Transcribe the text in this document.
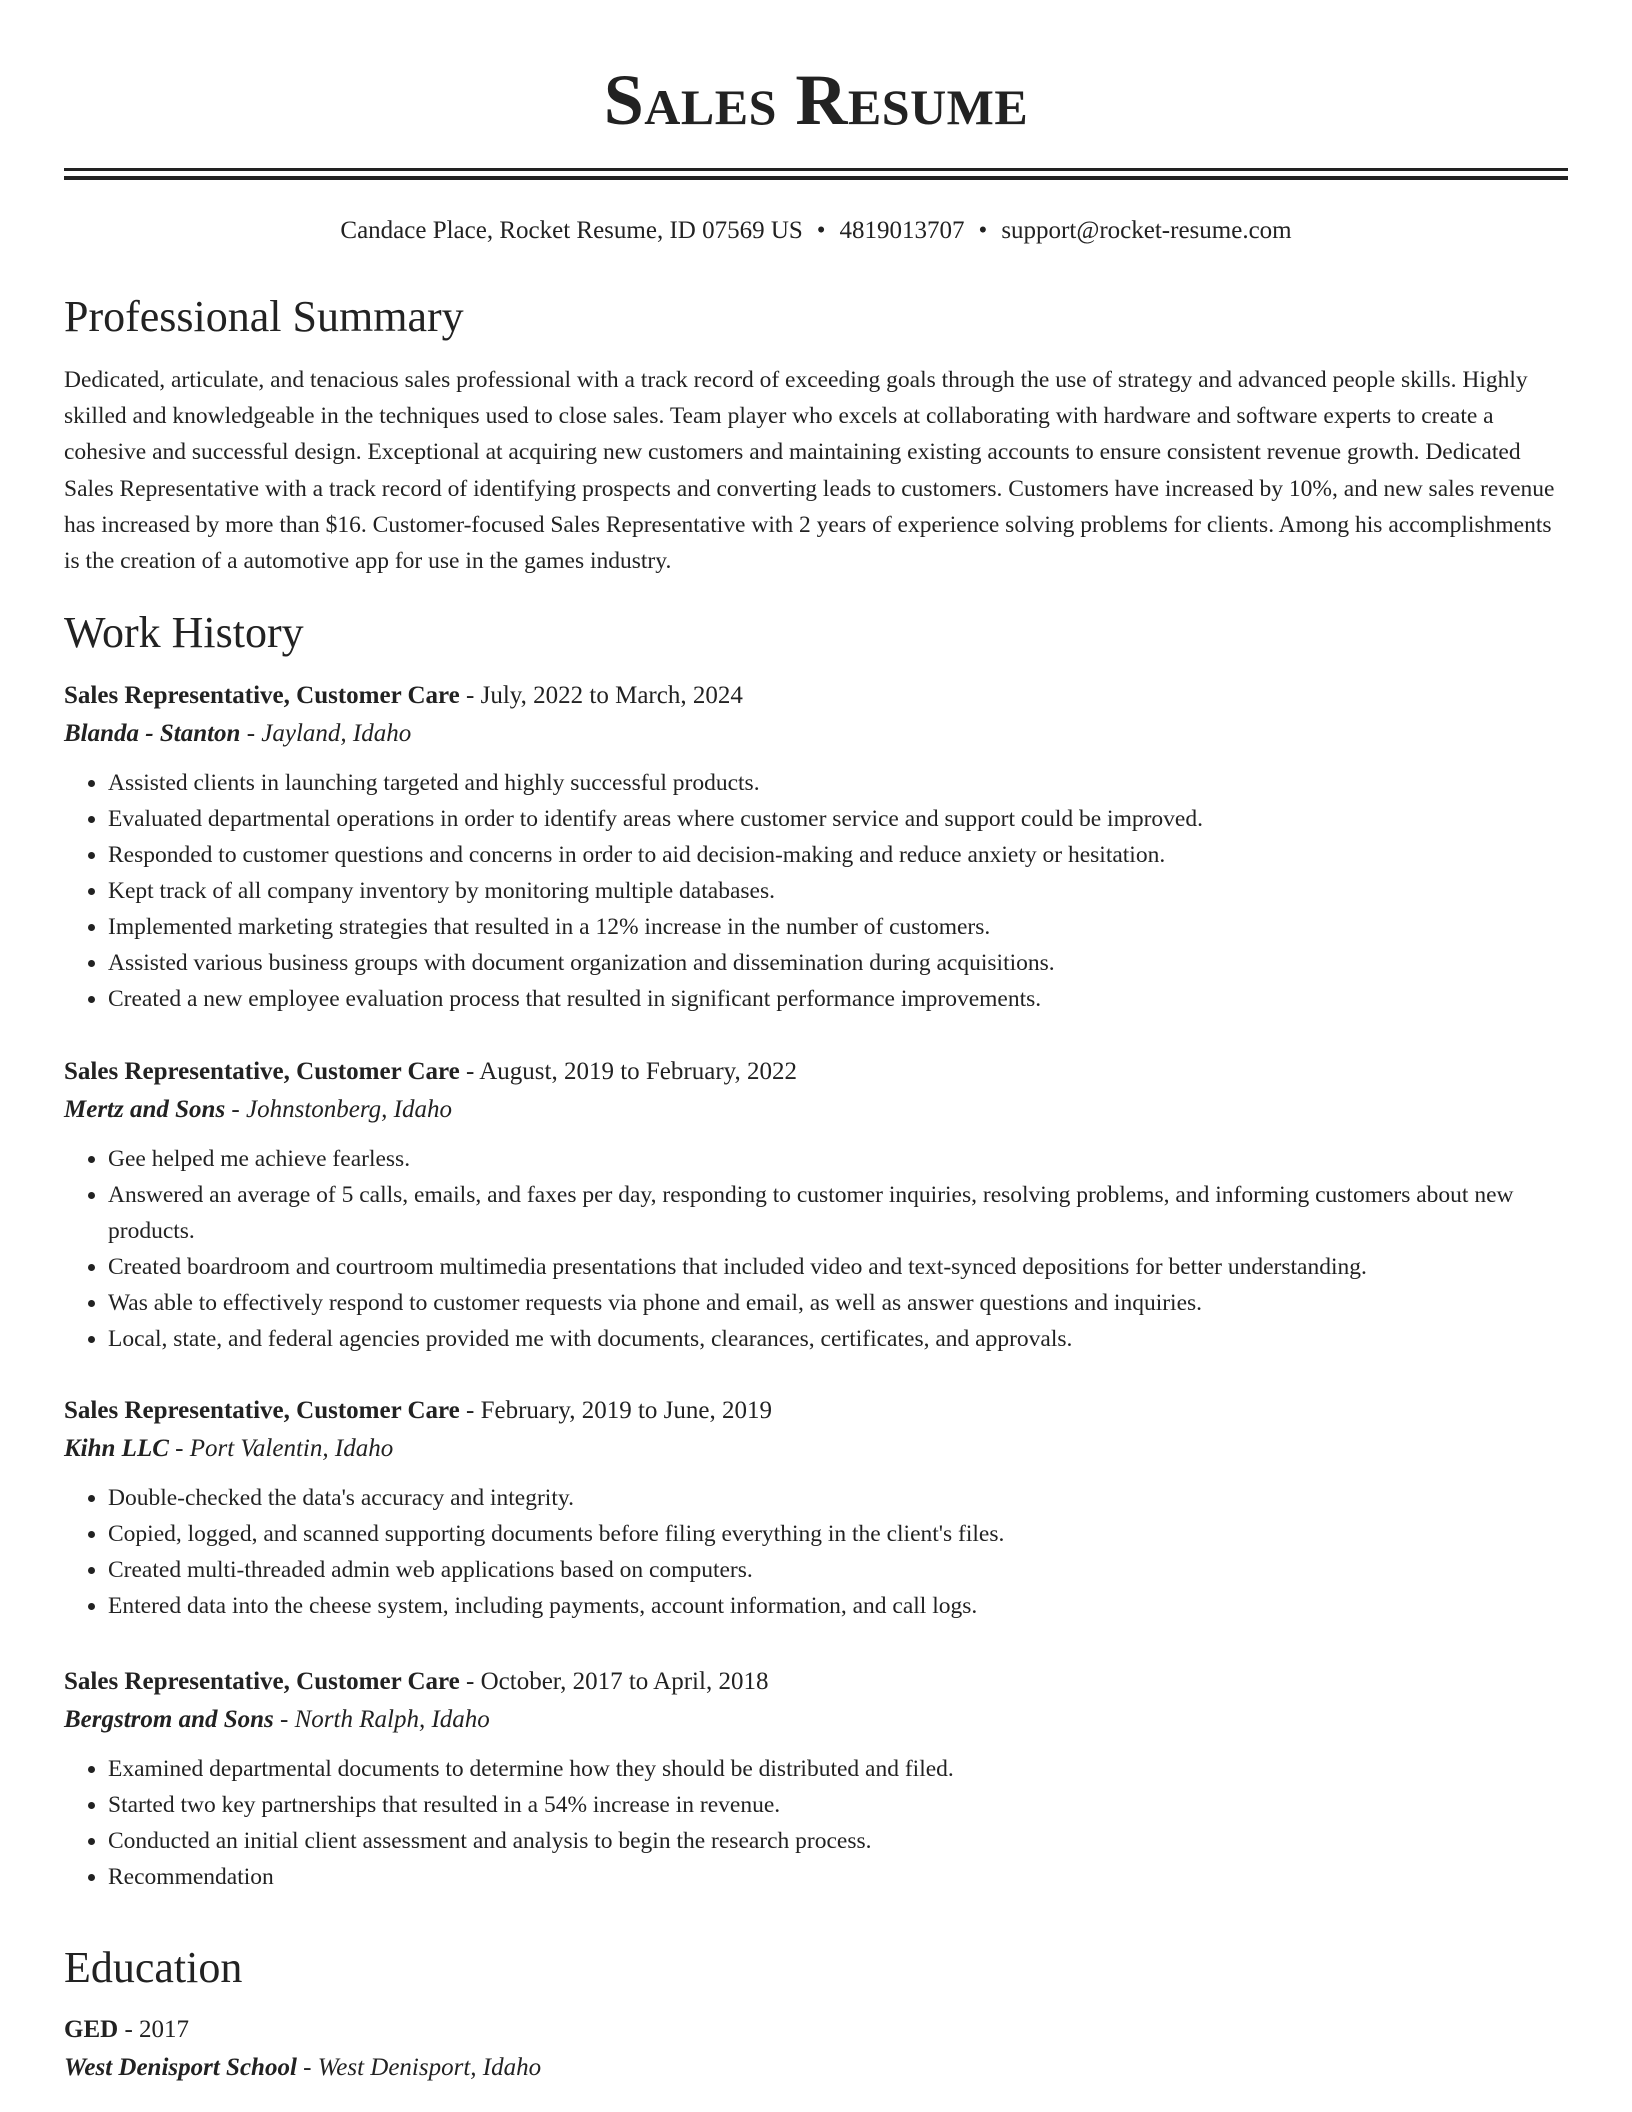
Sales Resume
Candace Place, Rocket Resume, ID 07569 US • 4819013707 • support@rocket-resume.com
Professional Summary

Dedicated, articulate, and tenacious sales professional with a track record of exceeding goals through the use of strategy and advanced people skills. Highly skilled and knowledgeable in the techniques used to close sales. Team player who excels at collaborating with hardware and software experts to create a cohesive and successful design. Exceptional at acquiring new customers and maintaining existing accounts to ensure consistent revenue growth. Dedicated Sales Representative with a track record of identifying prospects and converting leads to customers. Customers have increased by 10%, and new sales revenue has increased by more than $16. Customer-focused Sales Representative with 2 years of experience solving problems for clients. Among his accomplishments is the creation of a automotive app for use in the games industry.

Work History
Sales Representative, Customer Care - July, 2022 to March, 2024
Blanda - Stanton - Jayland, Idaho
• Assisted clients in launching targeted and highly successful products.
• Evaluated departmental operations in order to identify areas where customer service and support could be improved.
• Responded to customer questions and concerns in order to aid decision-making and reduce anxiety or hesitation.
• Kept track of all company inventory by monitoring multiple databases.
• Implemented marketing strategies that resulted in a 12% increase in the number of customers.
• Assisted various business groups with document organization and dissemination during acquisitions.
• Created a new employee evaluation process that resulted in significant performance improvements.
Sales Representative, Customer Care - August, 2019 to February, 2022
Mertz and Sons - Johnstonberg, Idaho
• Gee helped me achieve fearless.
• Answered an average of 5 calls, emails, and faxes per day, responding to customer inquiries, resolving problems, and informing customers about new products.
• Created boardroom and courtroom multimedia presentations that included video and text-synced depositions for better understanding.
• Was able to effectively respond to customer requests via phone and email, as well as answer questions and inquiries.
• Local, state, and federal agencies provided me with documents, clearances, certificates, and approvals.
Sales Representative, Customer Care - February, 2019 to June, 2019
Kihn LLC - Port Valentin, Idaho
• Double-checked the data's accuracy and integrity.
• Copied, logged, and scanned supporting documents before filing everything in the client's files.
• Created multi-threaded admin web applications based on computers.
• Entered data into the cheese system, including payments, account information, and call logs.
Sales Representative, Customer Care - October, 2017 to April, 2018
Bergstrom and Sons - North Ralph, Idaho
• Examined departmental documents to determine how they should be distributed and filed.
• Started two key partnerships that resulted in a 54% increase in revenue.
• Conducted an initial client assessment and analysis to begin the research process.
• Recommendation
Education
GED - 2017
West Denisport School - West Denisport, Idaho
